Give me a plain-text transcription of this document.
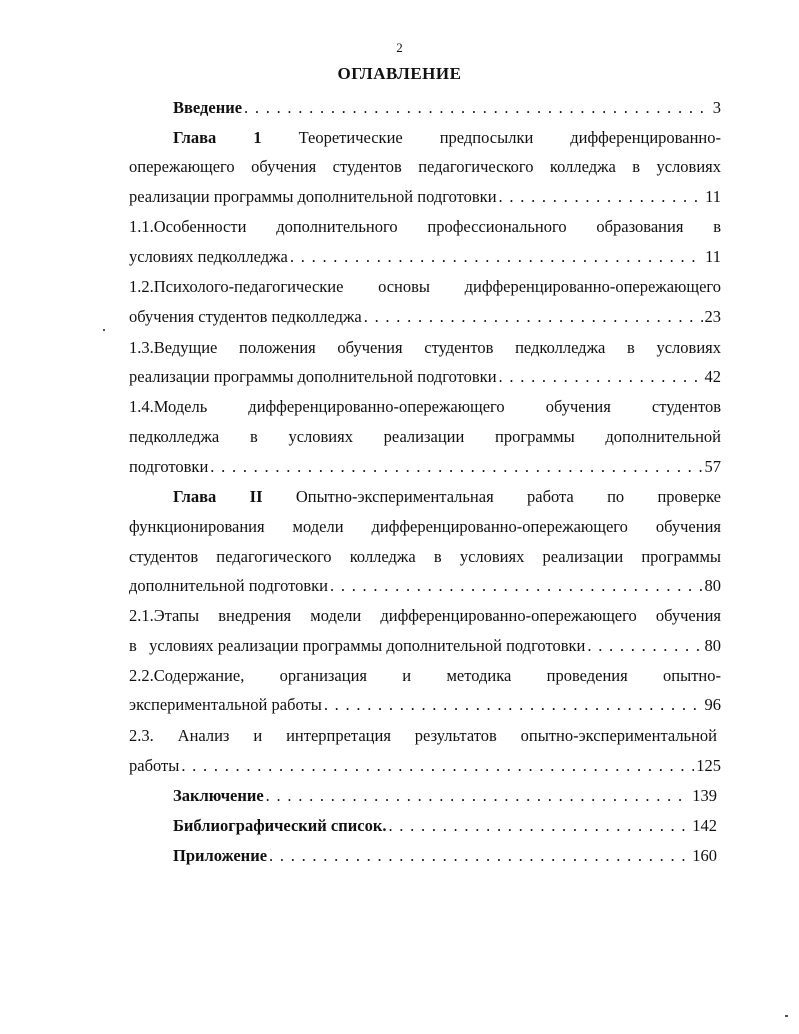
2
ОГЛАВЛЕНИЕ
Введение . . .	3
Глава 1    Теоретические    предпосылки    дифференцированно-
опережающего обучения студентов педагогического колледжа в условиях
реализации программы дополнительной подготовки . . .	11
1.1.Особенности дополнительного профессионального образования в
условиях педколледжа . . .	11
1.2.Психолого-педагогические основы дифференцированно-опережающего
обучения студентов педколледжа . . .	23
1.3.Ведущие положения обучения студентов педколледжа в условиях
реализации программы дополнительной подготовки . . .	42
1.4.Модель дифференцированно-опережающего обучения студентов
педколледжа в условиях реализации программы дополнительной
подготовки . . .	57
Глава II    Опытно-экспериментальная    работа    по    проверке
функционирования модели дифференцированно-опережающего обучения
студентов педагогического колледжа в условиях реализации программы
дополнительной подготовки . . .	80
2.1.Этапы внедрения модели дифференцированно-опережающего обучения
в   условиях реализации программы дополнительной подготовки . . .	80
2.2.Содержание, организация и методика проведения опытно-
экспериментальной работы . . .	96
2.3. Анализ и интерпретация результатов опытно-экспериментальной
работы . . .	125
Заключение . . .	139
Библиографический список. . . .	142
Приложение . . .	160
